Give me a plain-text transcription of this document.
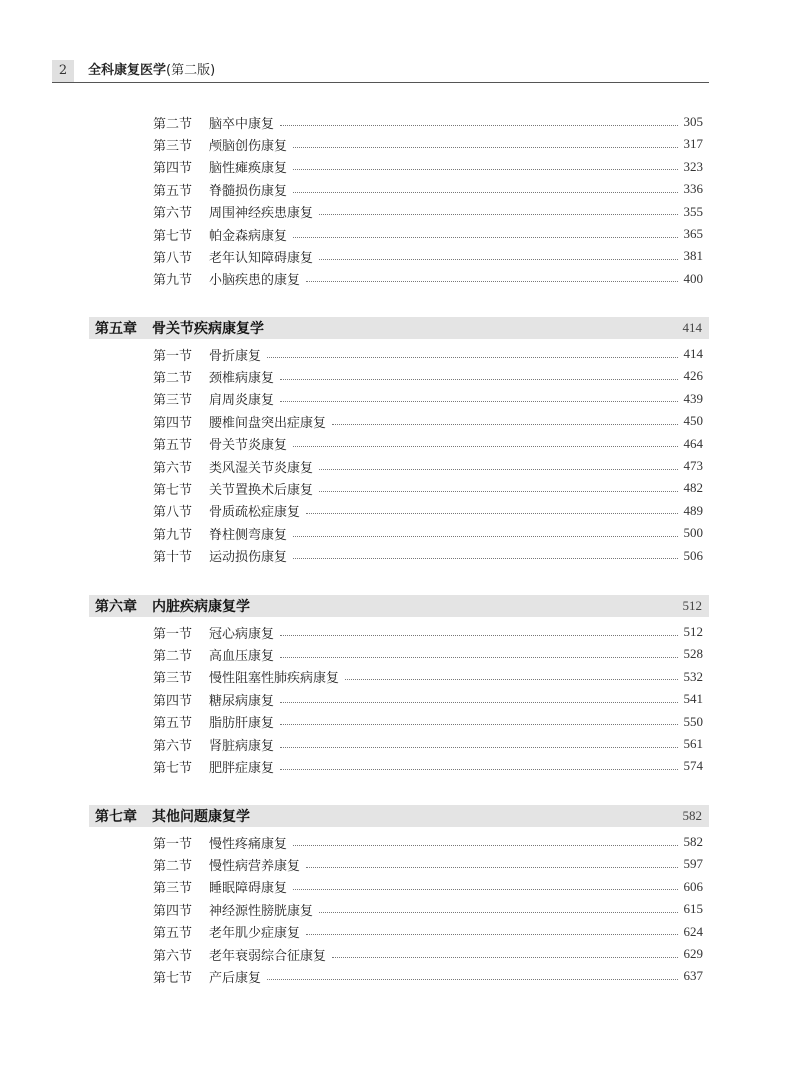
2	全科康复医学(第二版)
第二节	脑卒中康复	305
第三节	颅脑创伤康复	317
第四节	脑性瘫痪康复	323
第五节	脊髓损伤康复	336
第六节	周围神经疾患康复	355
第七节	帕金森病康复	365
第八节	老年认知障碍康复	381
第九节	小脑疾患的康复	400
第五章	骨关节疾病康复学	414
第一节	骨折康复	414
第二节	颈椎病康复	426
第三节	肩周炎康复	439
第四节	腰椎间盘突出症康复	450
第五节	骨关节炎康复	464
第六节	类风湿关节炎康复	473
第七节	关节置换术后康复	482
第八节	骨质疏松症康复	489
第九节	脊柱侧弯康复	500
第十节	运动损伤康复	506
第六章	内脏疾病康复学	512
第一节	冠心病康复	512
第二节	高血压康复	528
第三节	慢性阻塞性肺疾病康复	532
第四节	糖尿病康复	541
第五节	脂肪肝康复	550
第六节	肾脏病康复	561
第七节	肥胖症康复	574
第七章	其他问题康复学	582
第一节	慢性疼痛康复	582
第二节	慢性病营养康复	597
第三节	睡眠障碍康复	606
第四节	神经源性膀胱康复	615
第五节	老年肌少症康复	624
第六节	老年衰弱综合征康复	629
第七节	产后康复	637
